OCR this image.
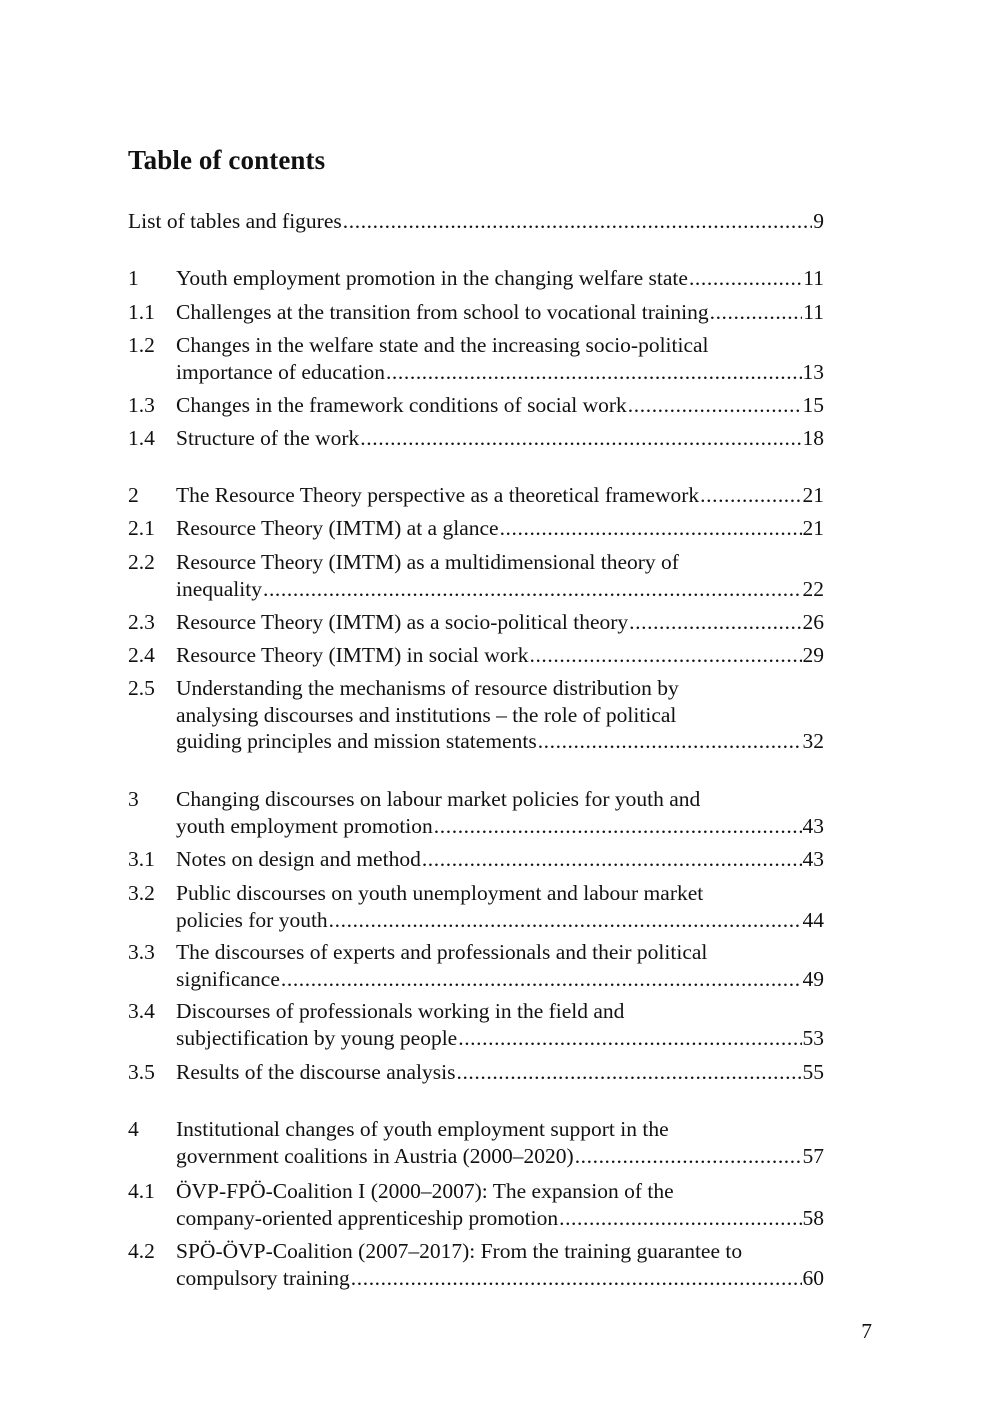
Table of contents
List of tables and figures .....	9
1	Youth employment promotion in the changing welfare state .....	11
1.1 Challenges at the transition from school to vocational training .....	11
1.2 Changes in the welfare state and the increasing socio-political
importance of education .....	13
1.3 Changes in the framework conditions of social work .....	15
1.4 Structure of the work .....	18
2	The Resource Theory perspective as a theoretical framework .....	21
2.1 Resource Theory (IMTM) at a glance .....	21
2.2 Resource Theory (IMTM) as a multidimensional theory of
inequality .....	22
2.3 Resource Theory (IMTM) as a socio-political theory .....	26
2.4 Resource Theory (IMTM) in social work .....	29
2.5 Understanding the mechanisms of resource distribution by
analysing discourses and institutions – the role of political
guiding principles and mission statements .....	32
3	Changing discourses on labour market policies for youth and
youth employment promotion .....	43
3.1 Notes on design and method .....	43
3.2 Public discourses on youth unemployment and labour market
policies for youth .....	44
3.3 The discourses of experts and professionals and their political
significance .....	49
3.4 Discourses of professionals working in the field and
subjectification by young people .....	53
3.5 Results of the discourse analysis .....	55
4	Institutional changes of youth employment support in the
government coalitions in Austria (2000–2020) .....	57
4.1 ÖVP-FPÖ-Coalition I (2000–2007): The expansion of the
company-oriented apprenticeship promotion .....	58
4.2 SPÖ-ÖVP-Coalition (2007–2017): From the training guarantee to
compulsory training .....	60
7
